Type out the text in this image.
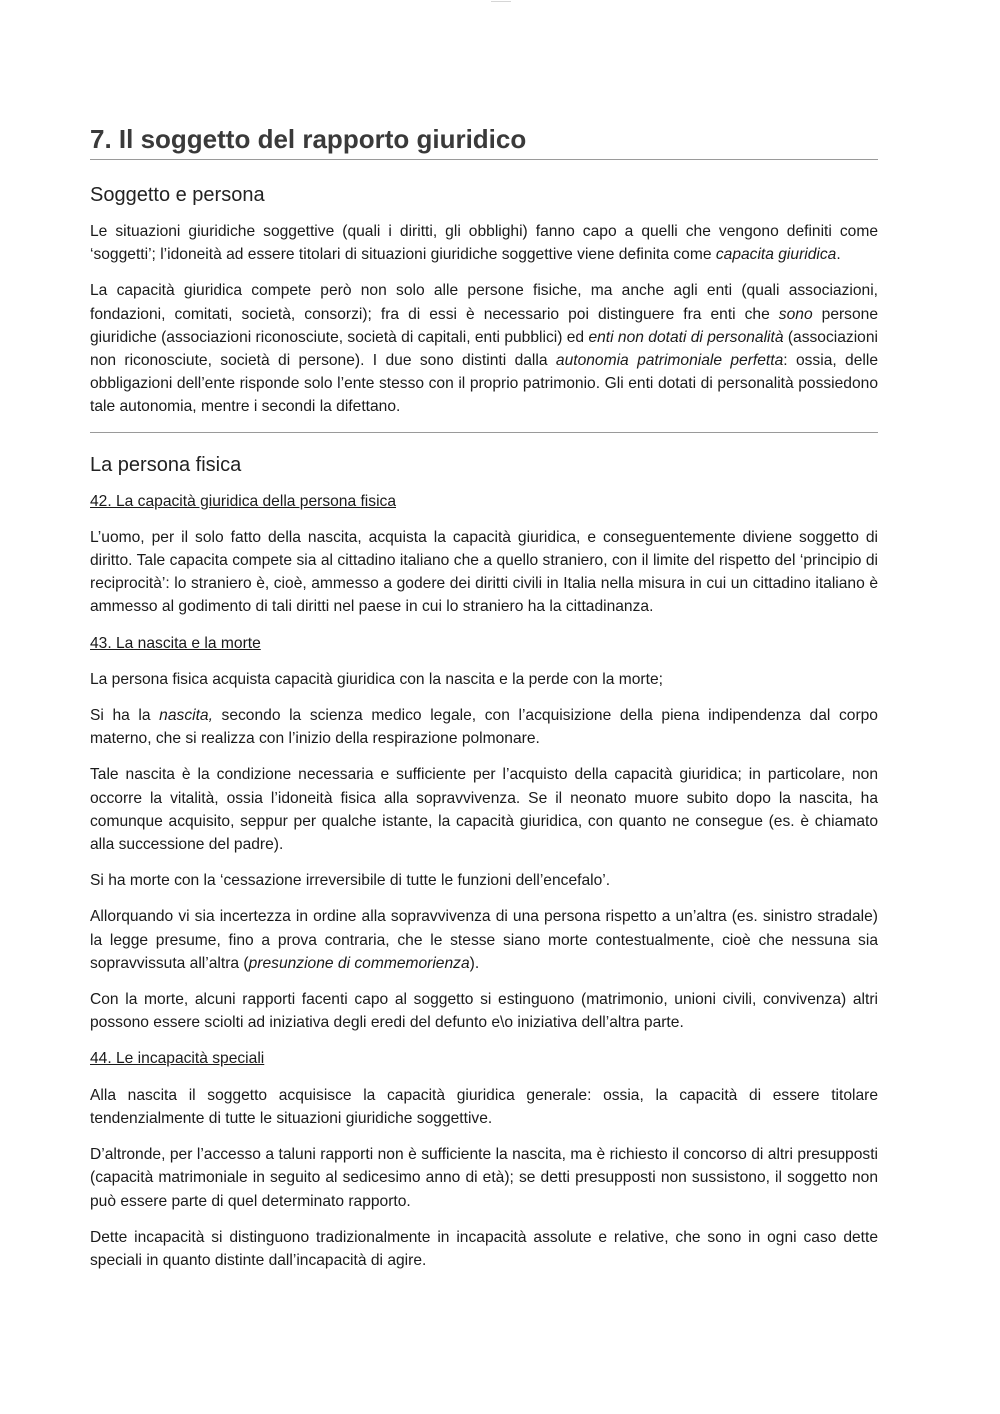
7. Il soggetto del rapporto giuridico
Soggetto e persona

Le situazioni giuridiche soggettive (quali i diritti, gli obblighi) fanno capo a quelli che vengono definiti come ‘soggetti’; l’idoneità ad essere titolari di situazioni giuridiche soggettive viene definita come capacita giuridica.

La capacità giuridica compete però non solo alle persone fisiche, ma anche agli enti (quali associazioni, fondazioni, comitati, società, consorzi); fra di essi è necessario poi distinguere fra enti che sono persone giuridiche (associazioni riconosciute, società di capitali, enti pubblici) ed enti non dotati di personalità (associazioni non riconosciute, società di persone). I due sono distinti dalla autonomia patrimoniale perfetta: ossia, delle obbligazioni dell’ente risponde solo l’ente stesso con il proprio patrimonio. Gli enti dotati di personalità possiedono tale autonomia, mentre i secondi la difettano.

La persona fisica

42. La capacità giuridica della persona fisica

L’uomo, per il solo fatto della nascita, acquista la capacità giuridica, e conseguentemente diviene soggetto di diritto. Tale capacita compete sia al cittadino italiano che a quello straniero, con il limite del rispetto del ‘principio di reciprocità’: lo straniero è, cioè, ammesso a godere dei diritti civili in Italia nella misura in cui un cittadino italiano è ammesso al godimento di tali diritti nel paese in cui lo straniero ha la cittadinanza.

43. La nascita e la morte

La persona fisica acquista capacità giuridica con la nascita e la perde con la morte;

Si ha la nascita, secondo la scienza medico legale, con l’acquisizione della piena indipendenza dal corpo materno, che si realizza con l’inizio della respirazione polmonare.

Tale nascita è la condizione necessaria e sufficiente per l’acquisto della capacità giuridica; in particolare, non occorre la vitalità, ossia l’idoneità fisica alla sopravvivenza. Se il neonato muore subito dopo la nascita, ha comunque acquisito, seppur per qualche istante, la capacità giuridica, con quanto ne consegue (es. è chiamato alla successione del padre).

Si ha morte con la ‘cessazione irreversibile di tutte le funzioni dell’encefalo’.

Allorquando vi sia incertezza in ordine alla sopravvivenza di una persona rispetto a un’altra (es. sinistro stradale) la legge presume, fino a prova contraria, che le stesse siano morte contestualmente, cioè che nessuna sia sopravvissuta all’altra (presunzione di commemorienza).

Con la morte, alcuni rapporti facenti capo al soggetto si estinguono (matrimonio, unioni civili, convivenza) altri possono essere sciolti ad iniziativa degli eredi del defunto e\o iniziativa dell’altra parte.

44. Le incapacità speciali

Alla nascita il soggetto acquisisce la capacità giuridica generale: ossia, la capacità di essere titolare tendenzialmente di tutte le situazioni giuridiche soggettive.

D’altronde, per l’accesso a taluni rapporti non è sufficiente la nascita, ma è richiesto il concorso di altri presupposti (capacità matrimoniale in seguito al sedicesimo anno di età); se detti presupposti non sussistono, il soggetto non può essere parte di quel determinato rapporto.

Dette incapacità si distinguono tradizionalmente in incapacità assolute e relative, che sono in ogni caso dette speciali in quanto distinte dall’incapacità di agire.
